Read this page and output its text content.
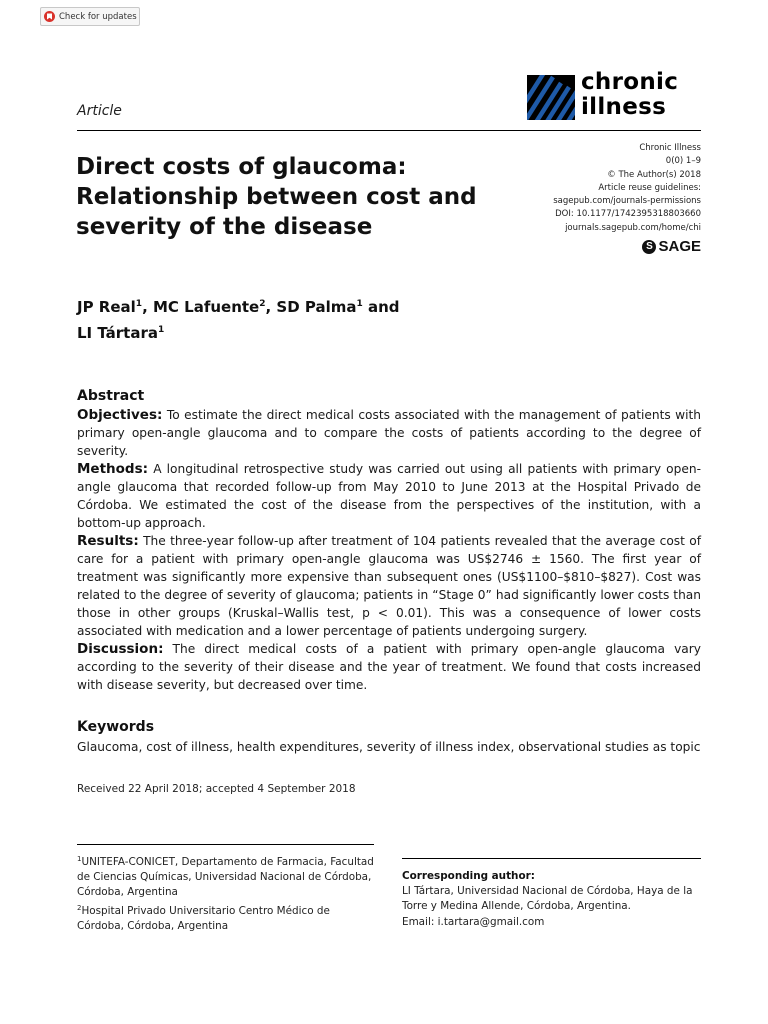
Check for updates
chronic
illness
Article
Chronic Illness
0(0) 1–9
© The Author(s) 2018
Article reuse guidelines:
sagepub.com/journals-permissions
DOI: 10.1177/1742395318803660
journals.sagepub.com/home/chi
S SAGE
Direct costs of glaucoma:
Relationship between cost and
severity of the disease
JP Real$^1$, MC Lafuente$^2$, SD Palma$^1$ and
LI Tártara$^1$
Abstract

Objectives: To estimate the direct medical costs associated with the management of patients with primary open-angle glaucoma and to compare the costs of patients according to the degree of severity.

Methods: A longitudinal retrospective study was carried out using all patients with primary open-angle glaucoma that recorded follow-up from May 2010 to June 2013 at the Hospital Privado de Córdoba. We estimated the cost of the disease from the perspectives of the institution, with a bottom-up approach.

Results: The three-year follow-up after treatment of 104 patients revealed that the average cost of care for a patient with primary open-angle glaucoma was US$2746 ± 1560. The first year of treatment was significantly more expensive than subsequent ones (US$1100–$810–$827). Cost was related to the degree of severity of glaucoma; patients in “Stage 0” had significantly lower costs than those in other groups (Kruskal–Wallis test, p < 0.01). This was a consequence of lower costs associated with medication and a lower percentage of patients undergoing surgery.

Discussion: The direct medical costs of a patient with primary open-angle glaucoma vary according to the severity of their disease and the year of treatment. We found that costs increased with disease severity, but decreased over time.

Keywords
Glaucoma, cost of illness, health expenditures, severity of illness index, observational studies as topic
Received 22 April 2018; accepted 4 September 2018
$^1$UNITEFA-CONICET, Departamento de Farmacia, Facultad de Ciencias Químicas, Universidad Nacional de Córdoba, Córdoba, Argentina
$^2$Hospital Privado Universitario Centro Médico de Córdoba, Córdoba, Argentina
Corresponding author:
LI Tártara, Universidad Nacional de Córdoba, Haya de la Torre y Medina Allende, Córdoba, Argentina.
Email: i.tartara@gmail.com
